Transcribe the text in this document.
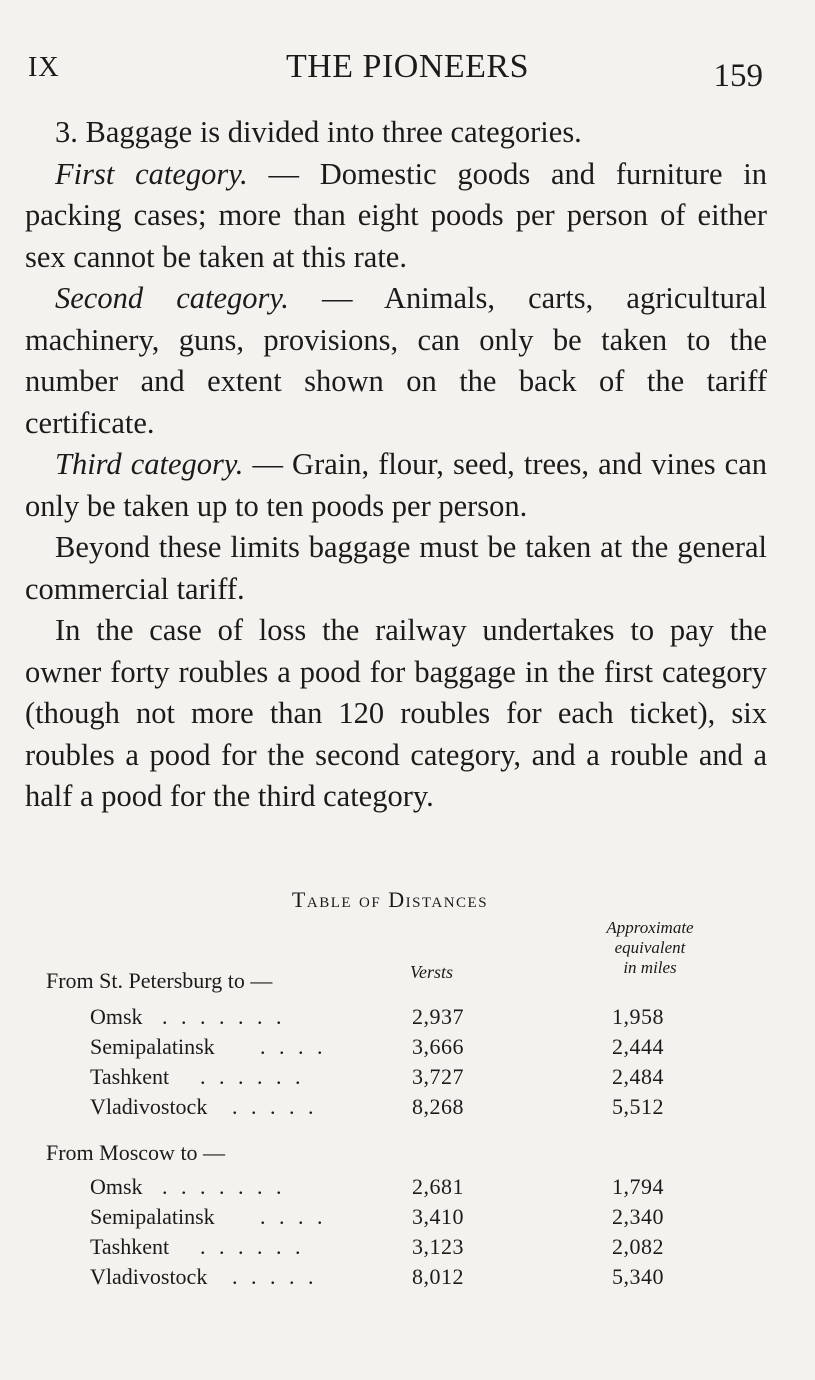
IX	THE PIONEERS	159

3. Baggage is divided into three categories.

First category. — Domestic goods and furniture in packing cases; more than eight poods per person of either sex cannot be taken at this rate.

Second category. — Animals, carts, agricultural machinery, guns, provisions, can only be taken to the number and extent shown on the back of the tariff certificate.

Third category. — Grain, flour, seed, trees, and vines can only be taken up to ten poods per person.

Beyond these limits baggage must be taken at the general commercial tariff.

In the case of loss the railway undertakes to pay the owner forty roubles a pood for baggage in the first category (though not more than 120 roubles for each ticket), six roubles a pood for the second category, and a rouble and a half a pood for the third category.

Table of Distances
Approximate
equivalent
in miles
Versts
From St. Petersburg to —
Omsk . . . . . . .	2,937	1,958
Semipalatinsk . . . .	3,666	2,444
Tashkent . . . . . .	3,727	2,484
Vladivostock . . . . .	8,268	5,512
From Moscow to —
Omsk . . . . . . .	2,681	1,794
Semipalatinsk . . . .	3,410	2,340
Tashkent . . . . . .	3,123	2,082
Vladivostock . . . . .	8,012	5,340
